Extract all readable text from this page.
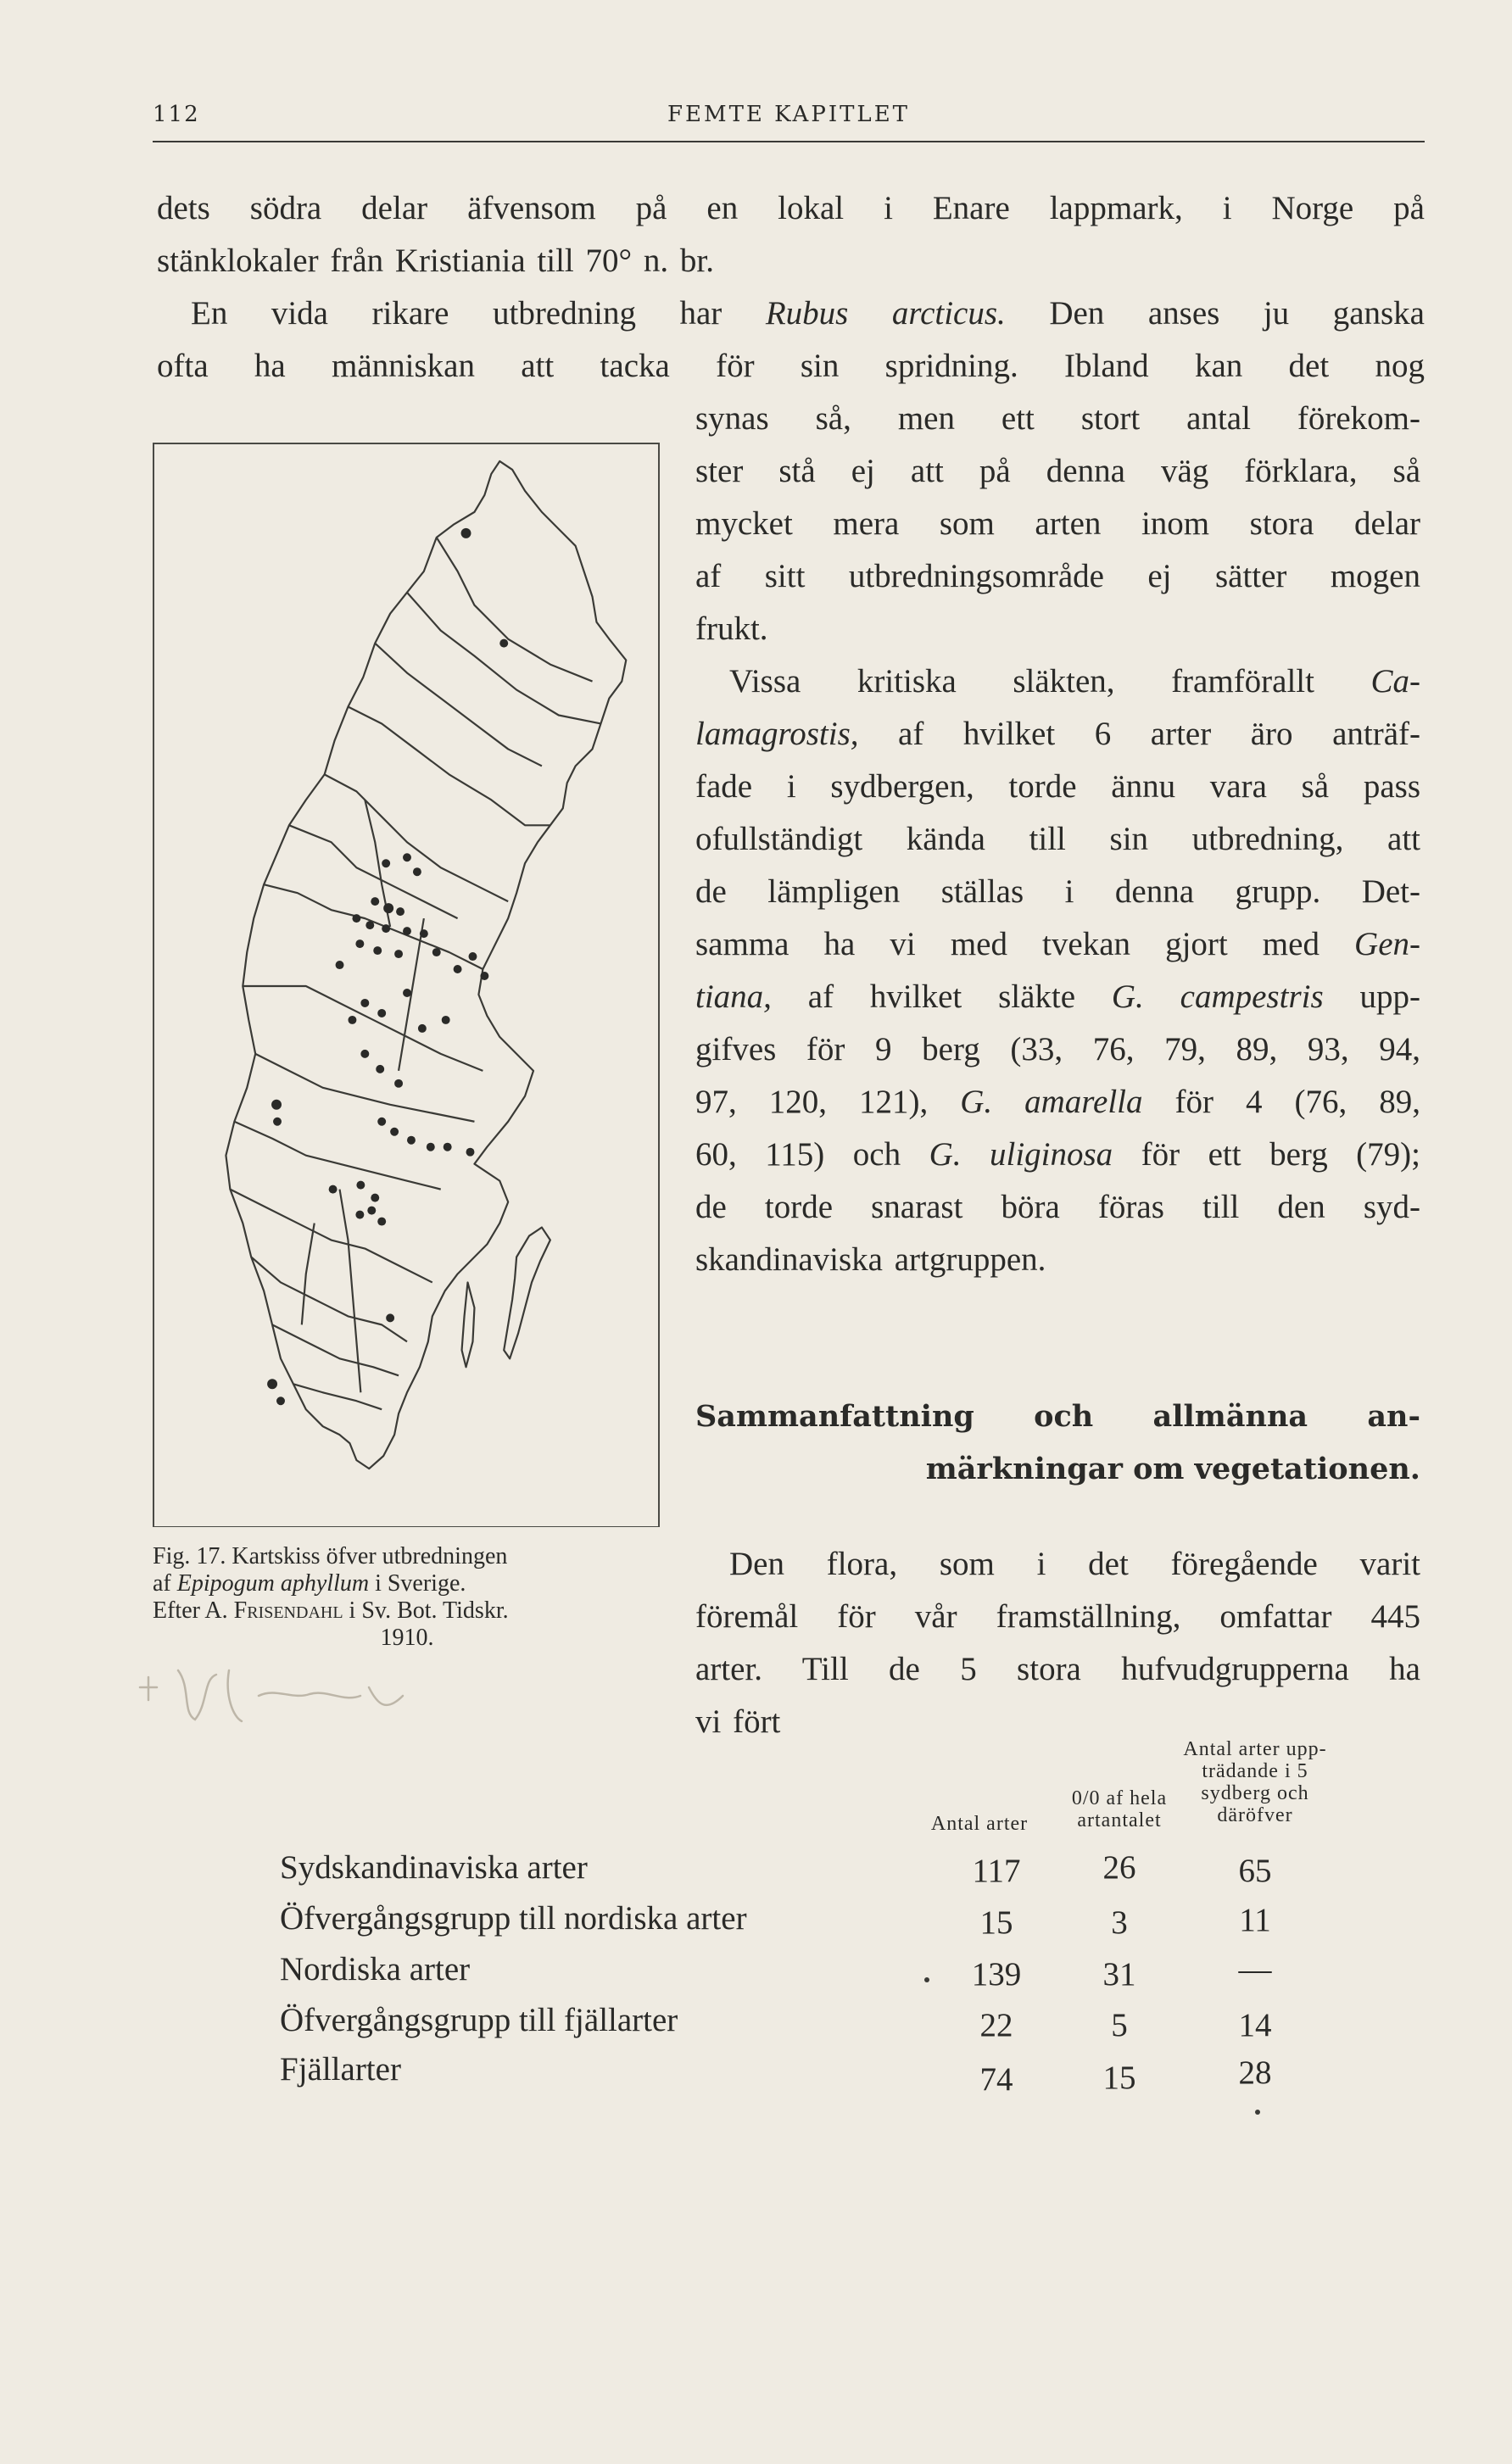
112	FEMTE KAPITLET
dets södra delar äfvensom på en lokal i Enare lappmark, i Norge på
stänklokaler från Kristiania till 70° n. br.
En vida rikare utbredning har Rubus arcticus. Den anses ju ganska
ofta ha människan att tacka för sin spridning. Ibland kan det nog
synas så, men ett stort antal förekom-
ster stå ej att på denna väg förklara, så
mycket mera som arten inom stora delar
af sitt utbredningsområde ej sätter mogen
frukt.
Vissa kritiska släkten, framförallt Ca-
lamagrostis, af hvilket 6 arter äro anträf-
fade i sydbergen, torde ännu vara så pass
ofullständigt kända till sin utbredning, att
de lämpligen ställas i denna grupp. Det-
samma ha vi med tvekan gjort med Gen-
tiana, af hvilket släkte G. campestris upp-
gifves för 9 berg (33, 76, 79, 89, 93, 94,
97, 120, 121), G. amarella för 4 (76, 89,
60, 115) och G. uliginosa för ett berg (79);
de torde snarast böra föras till den syd-
skandinaviska artgruppen.
Fig. 17. Kartskiss öfver utbredningen
af Epipogum aphyllum i Sverige.
Efter A. Frisendahl i Sv. Bot. Tidskr.
1910.
Sammanfattning och allmänna an-
märkningar om vegetationen.
Den flora, som i det föregående varit
föremål för vår framställning, omfattar 445
arter. Till de 5 stora hufvudgrupperna ha
vi fört
Antal arter
0/0 af hela
artantalet
Antal arter upp-
trädande i 5
sydberg och
däröfver
Sydskandinaviska arter	117	26	65
Öfvergångsgrupp till nordiska arter	15	3	11
Nordiska arter	139	31	—
Öfvergångsgrupp till fjällarter	22	5	14
Fjällarter	74	15	28
